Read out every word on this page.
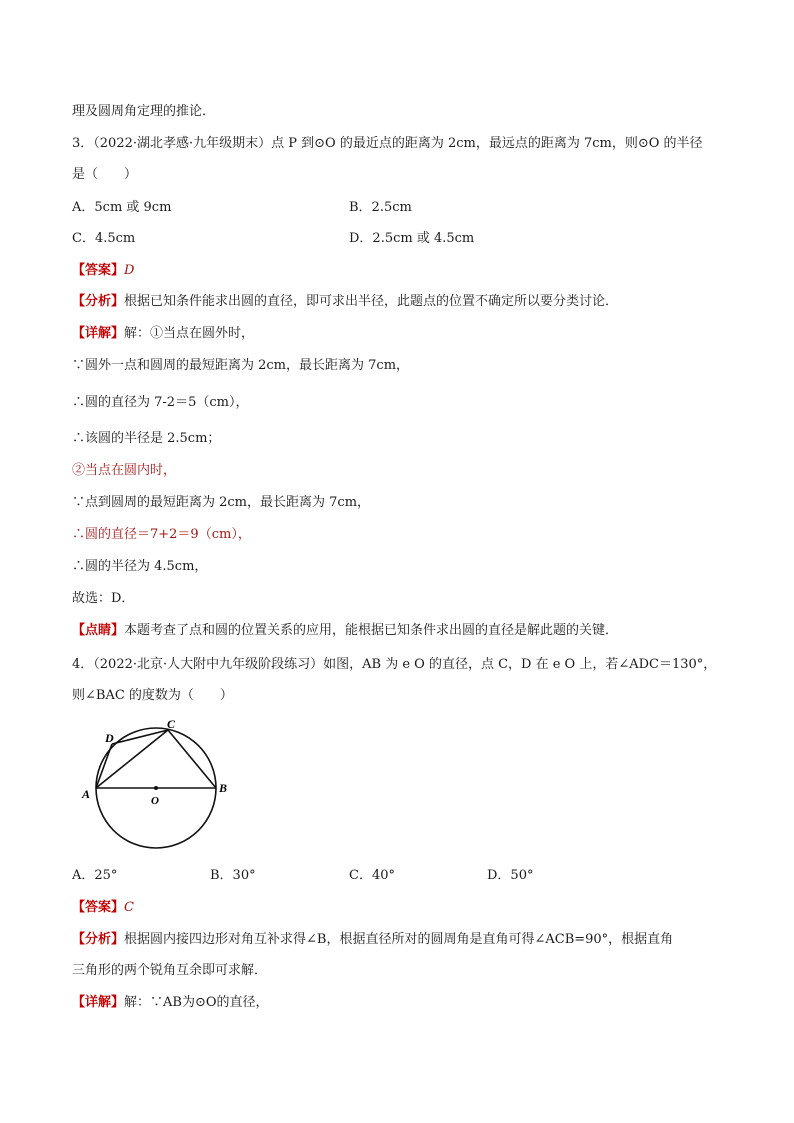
理及圆周角定理的推论．
3．（2022·湖北孝感·九年级期末）点 P 到⊙O 的最近点的距离为 2cm，最远点的距离为 7cm，则⊙O 的半径
是（　　）
A．5cm 或 9cm	B．2.5cm
C．4.5cm	D．2.5cm 或 4.5cm
【答案】D
【分析】根据已知条件能求出圆的直径，即可求出半径，此题点的位置不确定所以要分类讨论．
【详解】解：①当点在圆外时，
∵圆外一点和圆周的最短距离为 2cm，最长距离为 7cm，
∴圆的直径为 7-2＝5（cm），
∴该圆的半径是 2.5cm；
②当点在圆内时，
∵点到圆周的最短距离为 2cm，最长距离为 7cm，
∴圆的直径＝7+2＝9（cm），
∴圆的半径为 4.5cm，
故选：D．
【点睛】本题考查了点和圆的位置关系的应用，能根据已知条件求出圆的直径是解此题的关键．
4．（2022·北京·人大附中九年级阶段练习）如图，AB 为 e O 的直径，点 C，D 在 e O 上，若∠ADC＝130°，
则∠BAC 的度数为（　　）
A	B
C
D
O
A．25°	B．30°	C．40°	D．50°
【答案】C
【分析】根据圆内接四边形对角互补求得∠B，根据直径所对的圆周角是直角可得∠ACB=90°，根据直角
三角形的两个锐角互余即可求解．
【详解】解：∵AB为⊙O的直径，
